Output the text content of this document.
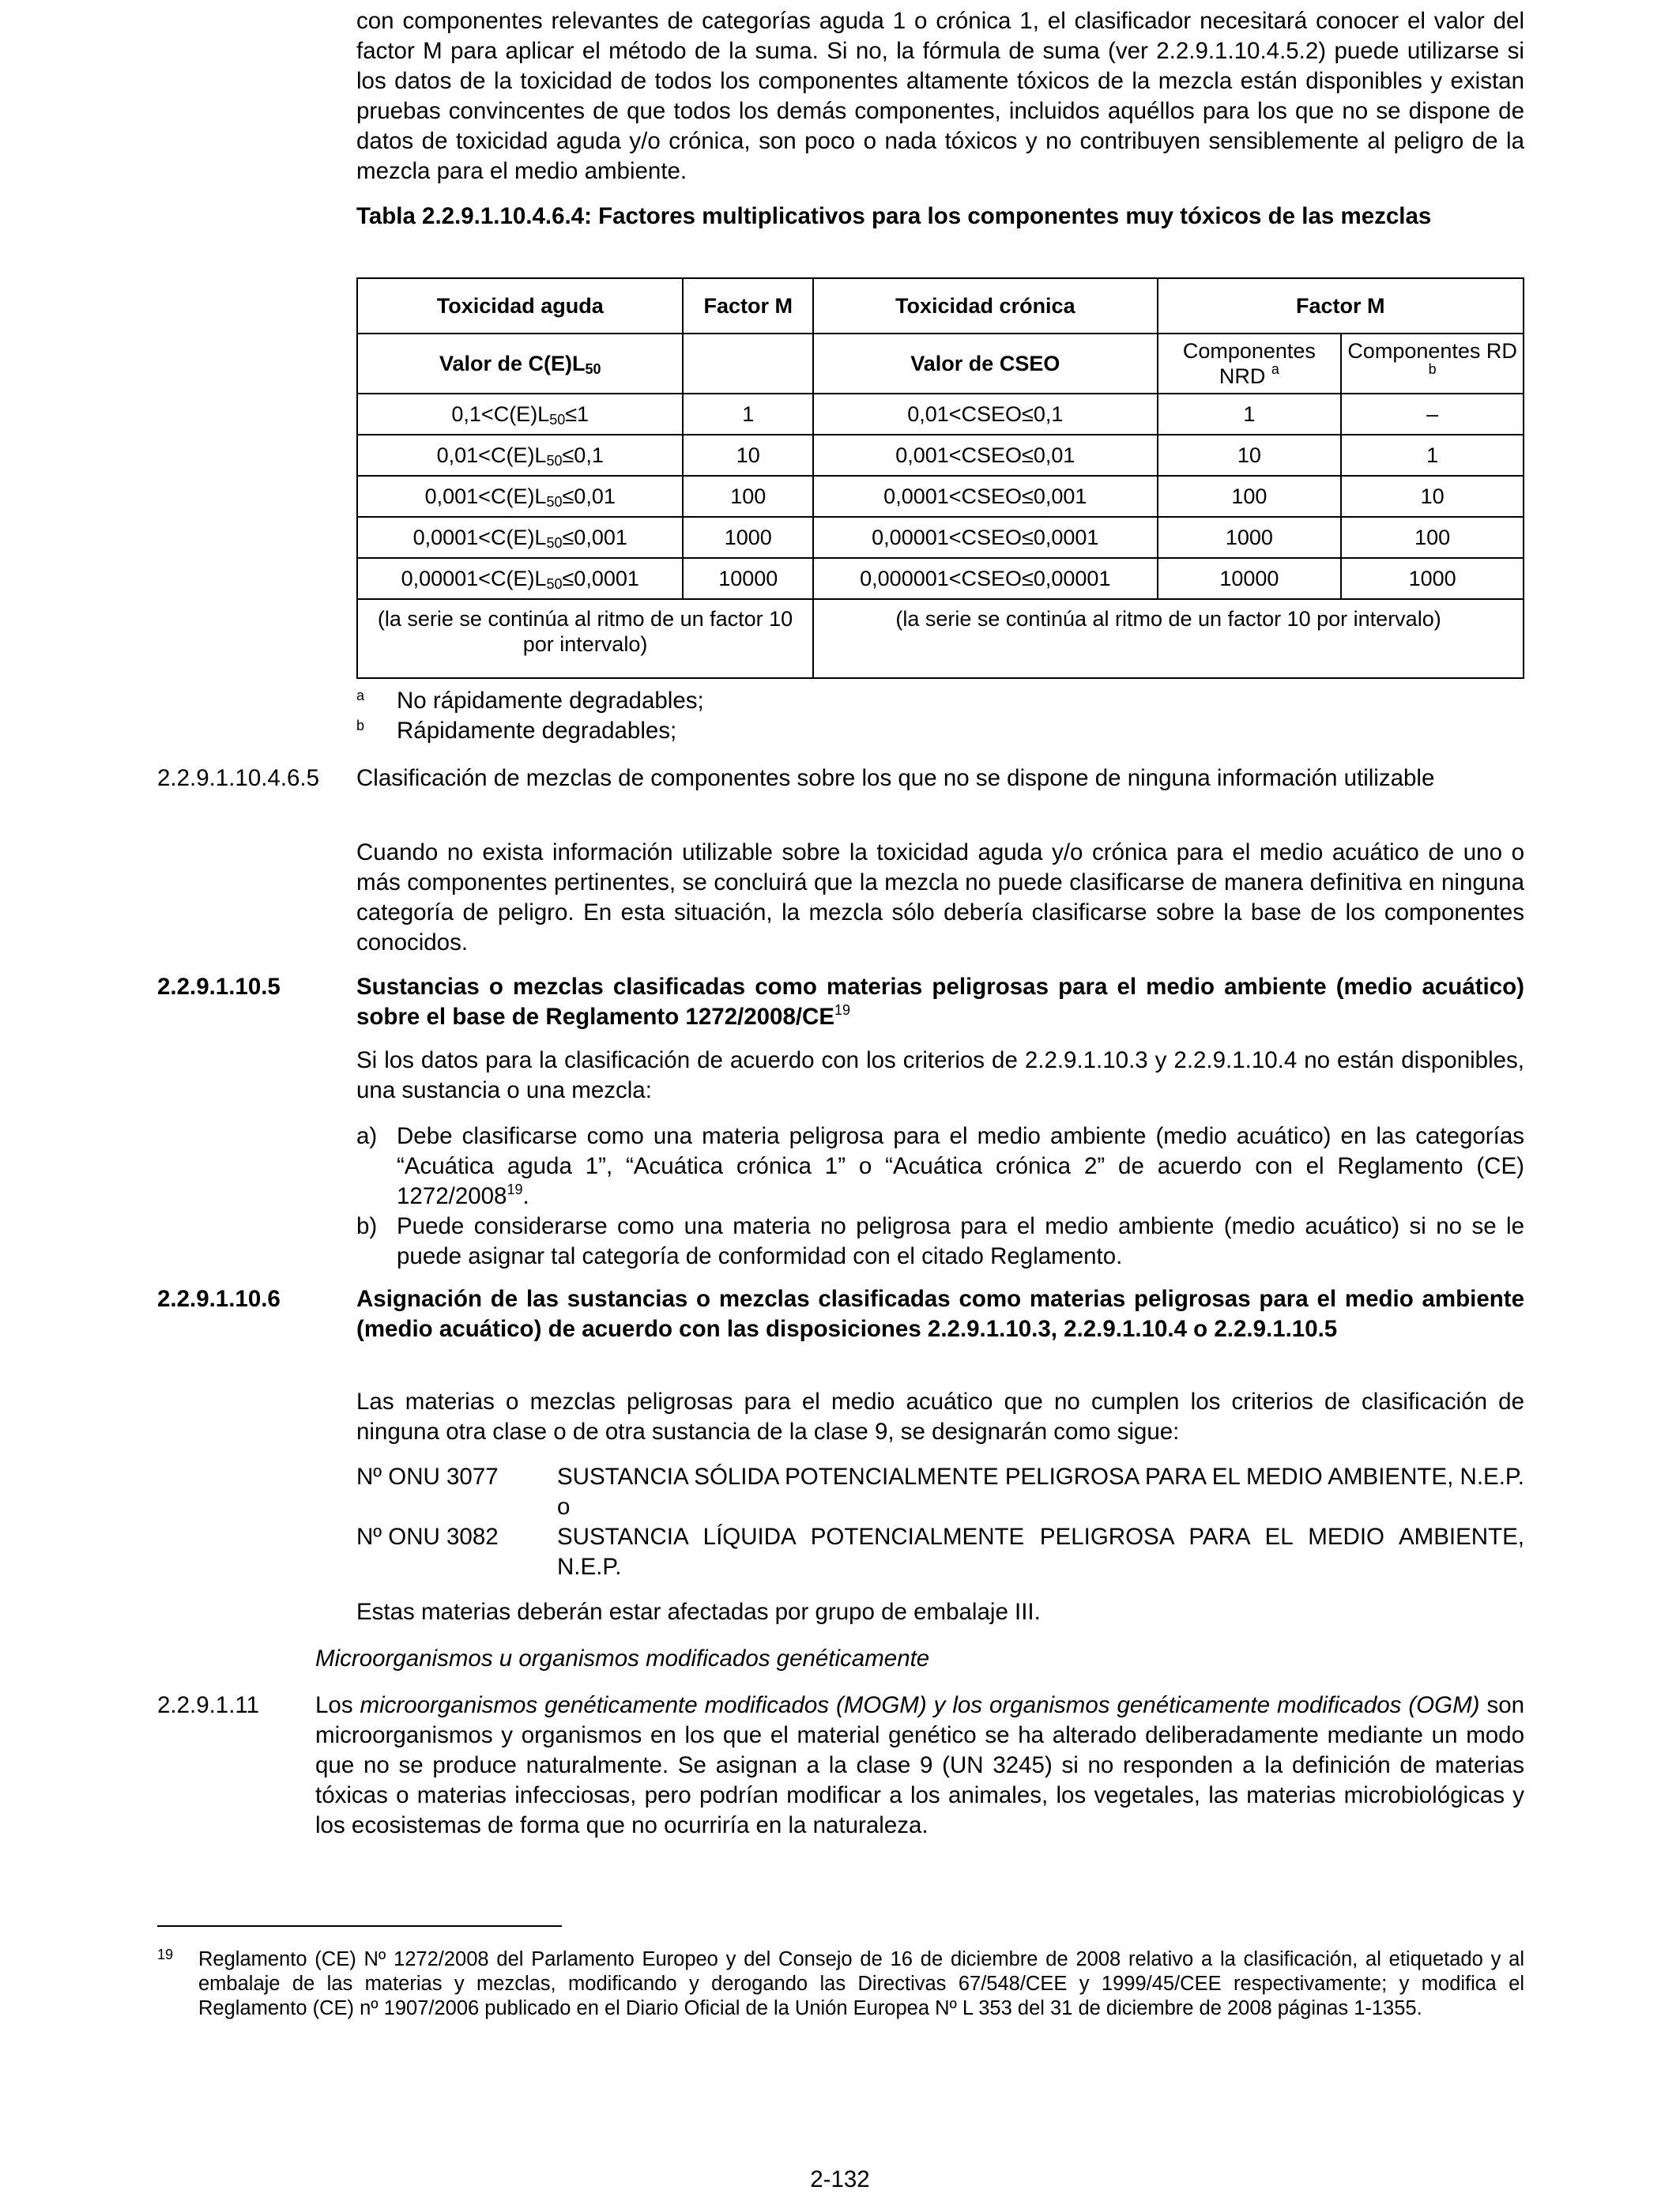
con componentes relevantes de categorías aguda 1 o crónica 1, el clasificador necesitará conocer el valor del factor M para aplicar el método de la suma. Si no, la fórmula de suma (ver 2.2.9.1.10.4.5.2) puede utilizarse si los datos de la toxicidad de todos los componentes altamente tóxicos de la mezcla están disponibles y existan pruebas convincentes de que todos los demás componentes, incluidos aquéllos para los que no se dispone de datos de toxicidad aguda y/o crónica, son poco o nada tóxicos y no contribuyen sensiblemente al peligro de la mezcla para el medio ambiente.

Tabla 2.2.9.1.10.4.6.4: Factores multiplicativos para los componentes muy tóxicos de las mezclas

Toxicidad aguda	Factor M	Toxicidad crónica	Factor M	
Valor de $C(E)L_{50}$		Valor de CSEO	Componentes NRD $^a$	Componentes RD $^b$
$0,1<C(E)L_{50}\le 1$	1	0,01<CSEO≤0,1	1	–
$0,01<C(E)L_{50}\le 0,1$	10	0,001<CSEO≤0,01	10	1
$0,001<C(E)L_{50}\le 0,01$	100	0,0001<CSEO≤0,001	100	10
$0,0001<C(E)L_{50}\le 0,001$	1000	0,00001<CSEO≤0,0001	1000	100
$0,00001<C(E)L_{50}\le 0,0001$	10000	0,000001<CSEO≤0,00001	10000	1000
(la serie se continúa al ritmo de un factor 10 por intervalo)		(la serie se continúa al ritmo de un factor 10 por intervalo)		
a No rápidamente degradables;
b Rápidamente degradables;
2.2.9.1.10.4.6.5 Clasificación de mezclas de componentes sobre los que no se dispone de ninguna información utilizable

Cuando no exista información utilizable sobre la toxicidad aguda y/o crónica para el medio acuático de uno o más componentes pertinentes, se concluirá que la mezcla no puede clasificarse de manera definitiva en ninguna categoría de peligro. En esta situación, la mezcla sólo debería clasificarse sobre la base de los componentes conocidos.

2.2.9.1.10.5	Sustancias o mezclas clasificadas como materias peligrosas para el medio ambiente (medio acuático) sobre el base de Reglamento 1272/2008/CE$^{19}$

Si los datos para la clasificación de acuerdo con los criterios de 2.2.9.1.10.3 y 2.2.9.1.10.4 no están disponibles, una sustancia o una mezcla:

a) Debe clasificarse como una materia peligrosa para el medio ambiente (medio acuático) en las categorías “Acuática aguda 1”, “Acuática crónica 1” o “Acuática crónica 2” de acuerdo con el Reglamento (CE) 1272/2008$^{19}$.

b) Puede considerarse como una materia no peligrosa para el medio ambiente (medio acuático) si no se le puede asignar tal categoría de conformidad con el citado Reglamento.

2.2.9.1.10.6	Asignación de las sustancias o mezclas clasificadas como materias peligrosas para el medio ambiente (medio acuático) de acuerdo con las disposiciones 2.2.9.1.10.3, 2.2.9.1.10.4 o 2.2.9.1.10.5

Las materias o mezclas peligrosas para el medio acuático que no cumplen los criterios de clasificación de ninguna otra clase o de otra sustancia de la clase 9, se designarán como sigue:

Nº ONU 3077	SUSTANCIA SÓLIDA POTENCIALMENTE PELIGROSA PARA EL MEDIO AMBIENTE, N.E.P. o

Nº ONU 3082	SUSTANCIA LÍQUIDA POTENCIALMENTE PELIGROSA PARA EL MEDIO AMBIENTE, N.E.P.

Estas materias deberán estar afectadas por grupo de embalaje III.

Microorganismos u organismos modificados genéticamente

2.2.9.1.11 Los microorganismos genéticamente modificados (MOGM) y los organismos genéticamente modificados (OGM) son microorganismos y organismos en los que el material genético se ha alterado deliberadamente mediante un modo que no se produce naturalmente. Se asignan a la clase 9 (UN 3245) si no responden a la definición de materias tóxicas o materias infecciosas, pero podrían modificar a los animales, los vegetales, las materias microbiológicas y los ecosistemas de forma que no ocurriría en la naturaleza.

19 Reglamento (CE) Nº 1272/2008 del Parlamento Europeo y del Consejo de 16 de diciembre de 2008 relativo a la clasificación, al etiquetado y al embalaje de las materias y mezclas, modificando y derogando las Directivas 67/548/CEE y 1999/45/CEE respectivamente; y modifica el Reglamento (CE) nº 1907/2006 publicado en el Diario Oficial de la Unión Europea Nº L 353 del 31 de diciembre de 2008 páginas 1-1355.

2-132
